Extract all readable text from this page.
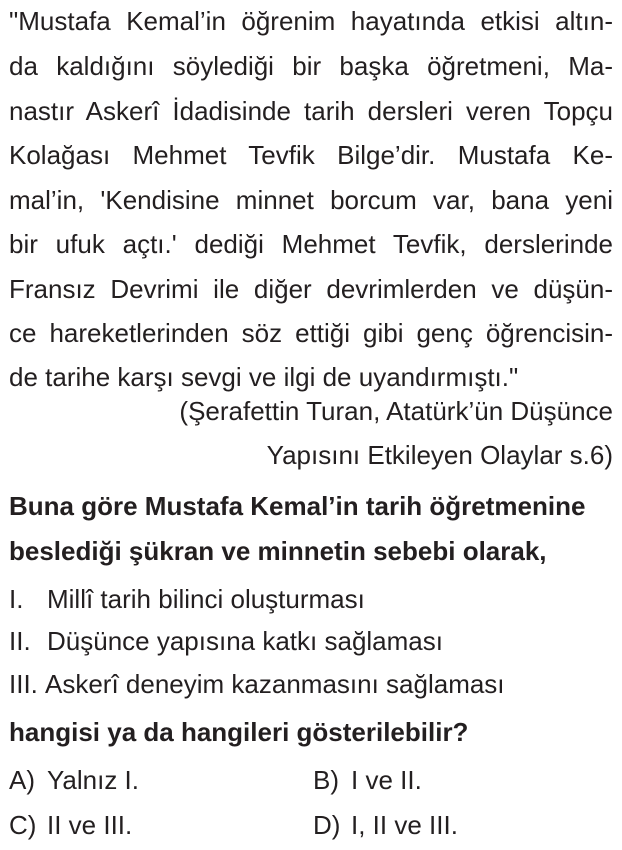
"Mustafa Kemal’in öğrenim hayatında etkisi altın-
da kaldığını söylediği bir başka öğretmeni, Ma-
nastır Askerî İdadisinde tarih dersleri veren Topçu
Kolağası Mehmet Tevfik Bilge’dir. Mustafa Ke-
mal’in, 'Kendisine minnet borcum var, bana yeni
bir ufuk açtı.' dediği Mehmet Tevfik, derslerinde
Fransız Devrimi ile diğer devrimlerden ve düşün-
ce hareketlerinden söz ettiği gibi genç öğrencisin-
de tarihe karşı sevgi ve ilgi de uyandırmıştı."
(Şerafettin Turan, Atatürk’ün Düşünce
Yapısını Etkileyen Olaylar s.6)
Buna göre Mustafa Kemal’in tarih öğretmenine
beslediği şükran ve minnetin sebebi olarak,
I. Millî tarih bilinci oluşturması
II. Düşünce yapısına katkı sağlaması
III. Askerî deneyim kazanmasını sağlaması
hangisi ya da hangileri gösterilebilir?
A) Yalnız I.	B) I ve II.
C) II ve III.	D) I, II ve III.
